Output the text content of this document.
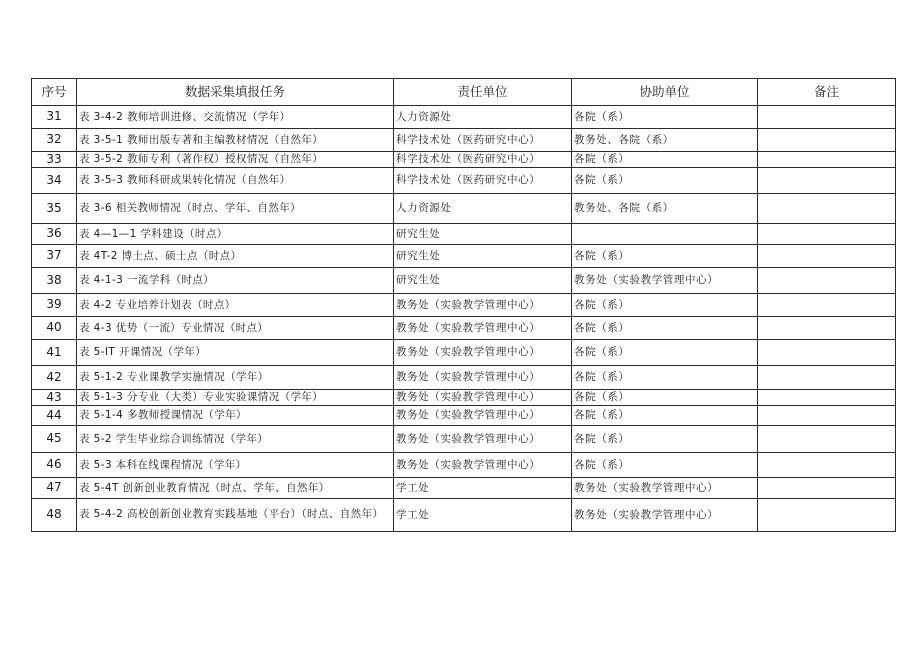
序号	数据采集填报任务	责任单位	协助单位	备注
31	表 3-4-2 教师培训进修、交流情况（学年）	人力资源处	各院（系）	
32	表 3-5-1 教师出版专著和主编教材情况（自然年）	科学技术处（医药研究中心）	教务处、各院（系）	
33	表 3-5-2 教师专利（著作权）授权情况（自然年）	科学技术处（医药研究中心）	各院（系）	
34	表 3-5-3 教师科研成果转化情况（自然年）	科学技术处（医药研究中心）	各院（系）	
35	表 3-6 相关教师情况（时点、学年、自然年）	人力资源处	教务处、各院（系）	
36	表 4—1—1 学科建设（时点）	研究生处		
37	表 4T-2 博士点、硕士点（时点）	研究生处	各院（系）	
38	表 4-1-3 一流学科（时点）	研究生处	教务处（实验教学管理中心）	
39	表 4-2 专业培养计划表（时点）	教务处（实验教学管理中心）	各院（系）	
40	表 4-3 优势（一流）专业情况（时点）	教务处（实验教学管理中心）	各院（系）	
41	表 5-IT 开课情况（学年）	教务处（实验教学管理中心）	各院（系）	
42	表 5-1-2 专业课教学实施情况（学年）	教务处（实验教学管理中心）	各院（系）	
43	表 5-1-3 分专业（大类）专业实验课情况（学年）	教务处（实验教学管理中心）	各院（系）	
44	表 5-1-4 多教师授课情况（学年）	教务处（实验教学管理中心）	各院（系）	
45	表 5-2 学生毕业综合训练情况（学年）	教务处（实验教学管理中心）	各院（系）	
46	表 5-3 本科在线课程情况（学年）	教务处（实验教学管理中心）	各院（系）	
47	表 5-4T 创新创业教育情况（时点、学年、自然年）	学工处	教务处（实验教学管理中心）	
48	表 5-4-2 高校创新创业教育实践基地（平台）（时点、自然年）	学工处	教务处（实验教学管理中心）	
